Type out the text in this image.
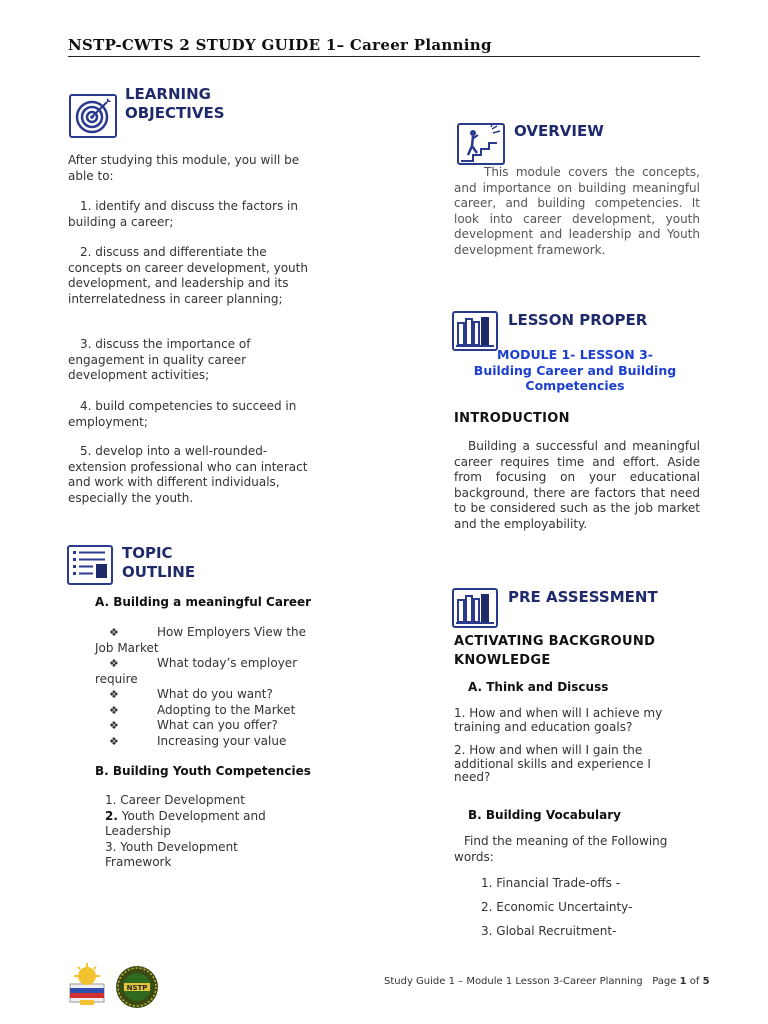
NSTP-CWTS 2 STUDY GUIDE 1– Career Planning
LEARNING
OBJECTIVES
After studying this module, you will be able to:
1. identify and discuss the factors in building a career;
2. discuss and differentiate the concepts on career development, youth development, and leadership and its interrelatedness in career planning;
3. discuss the importance of engagement in quality career development activities;
4. build competencies to succeed in employment;
5. develop into a well-rounded-extension professional who can interact and work with different individuals, especially the youth.
TOPIC
OUTLINE
A. Building a meaningful Career
❖	How Employers View the Job Market
❖	What today’s employer require
❖	What do you want?
❖	Adopting to the Market
❖	What can you offer?
❖	Increasing your value
B. Building Youth Competencies
1. Career Development
2. Youth Development and Leadership
3. Youth Development Framework
OVERVIEW
This module covers the concepts, and importance on building meaningful career, and building competencies. It look into career development, youth development and leadership and Youth development framework.
LESSON PROPER
MODULE 1- LESSON 3- Building Career and Building Competencies
INTRODUCTION
Building a successful and meaningful career requires time and effort. Aside from focusing on your educational background, there are factors that need to be considered such as the job market and the employability.
PRE ASSESSMENT
ACTIVATING BACKGROUND KNOWLEDGE
A. Think and Discuss
1. How and when will I achieve my training and education goals?
2. How and when will I gain the additional skills and experience I need?
B. Building Vocabulary
Find the meaning of the Following words:
1. Financial Trade-offs -
2. Economic Uncertainty-
3. Global Recruitment-
NSTP
Study Guide 1 – Module 1 Lesson 3-Career Planning Page 1 of 5
